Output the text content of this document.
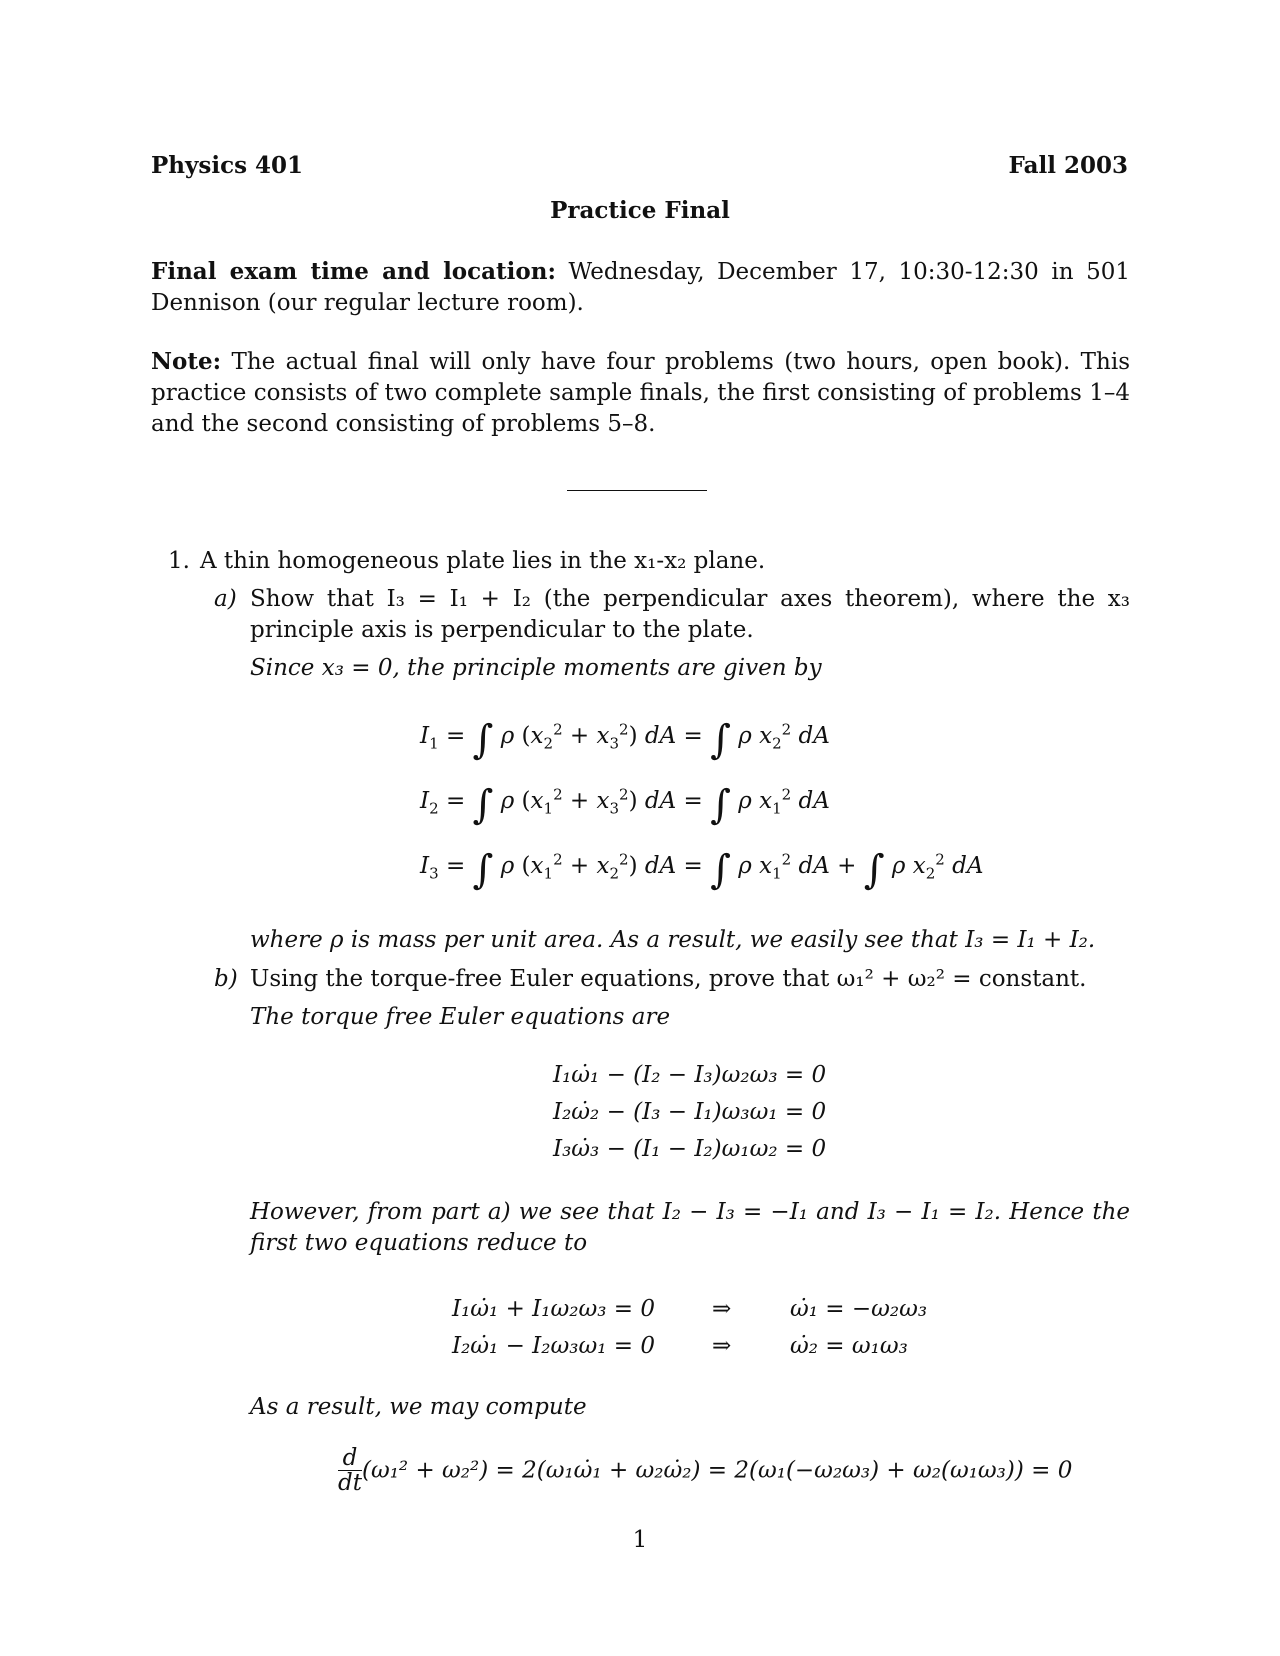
Physics 401	Fall 2003
Practice Final
Final exam time and location: Wednesday, December 17, 10:30-12:30 in 501 Dennison (our regular lecture room).
Note: The actual final will only have four problems (two hours, open book). This practice consists of two complete sample finals, the first consisting of problems 1–4 and the second consisting of problems 5–8.
1. A thin homogeneous plate lies in the x₁-x₂ plane.
a) Show that I₃ = I₁ + I₂ (the perpendicular axes theorem), where the x₃ principle axis is perpendicular to the plate.
Since x₃ = 0, the principle moments are given by
$I_1$ = ∫ ρ $(x_2^2 + x_3^2)$ dA = ∫ ρ $x_2^2$ dA
$I_2$ = ∫ ρ $(x_1^2 + x_3^2)$ dA = ∫ ρ $x_1^2$ dA
$I_3$ = ∫ ρ $(x_1^2 + x_2^2)$ dA = ∫ ρ $x_1^2$ dA + ∫ ρ $x_2^2$ dA
where ρ is mass per unit area. As a result, we easily see that I₃ = I₁ + I₂.
b) Using the torque-free Euler equations, prove that ω₁² + ω₂² = constant.
The torque free Euler equations are
I₁ω̇₁ − (I₂ − I₃)ω₂ω₃ = 0
I₂ω̇₂ − (I₃ − I₁)ω₃ω₁ = 0
I₃ω̇₃ − (I₁ − I₂)ω₁ω₂ = 0
However, from part a) we see that I₂ − I₃ = −I₁ and I₃ − I₁ = I₂. Hence the first two equations reduce to
I₁ω̇₁ + I₁ω₂ω₃ = 0
I₂ω̇₁ − I₂ω₃ω₁ = 0
⇒
⇒
ω̇₁ = −ω₂ω₃
ω̇₂ = ω₁ω₃
As a result, we may compute
$\frac{d}{dt} (\omega_1^2 + \omega_2^2)$ = 2(ω₁ω̇₁ + ω₂ω̇₂) = 2(ω₁(−ω₂ω₃) + ω₂(ω₁ω₃)) = 0
1
